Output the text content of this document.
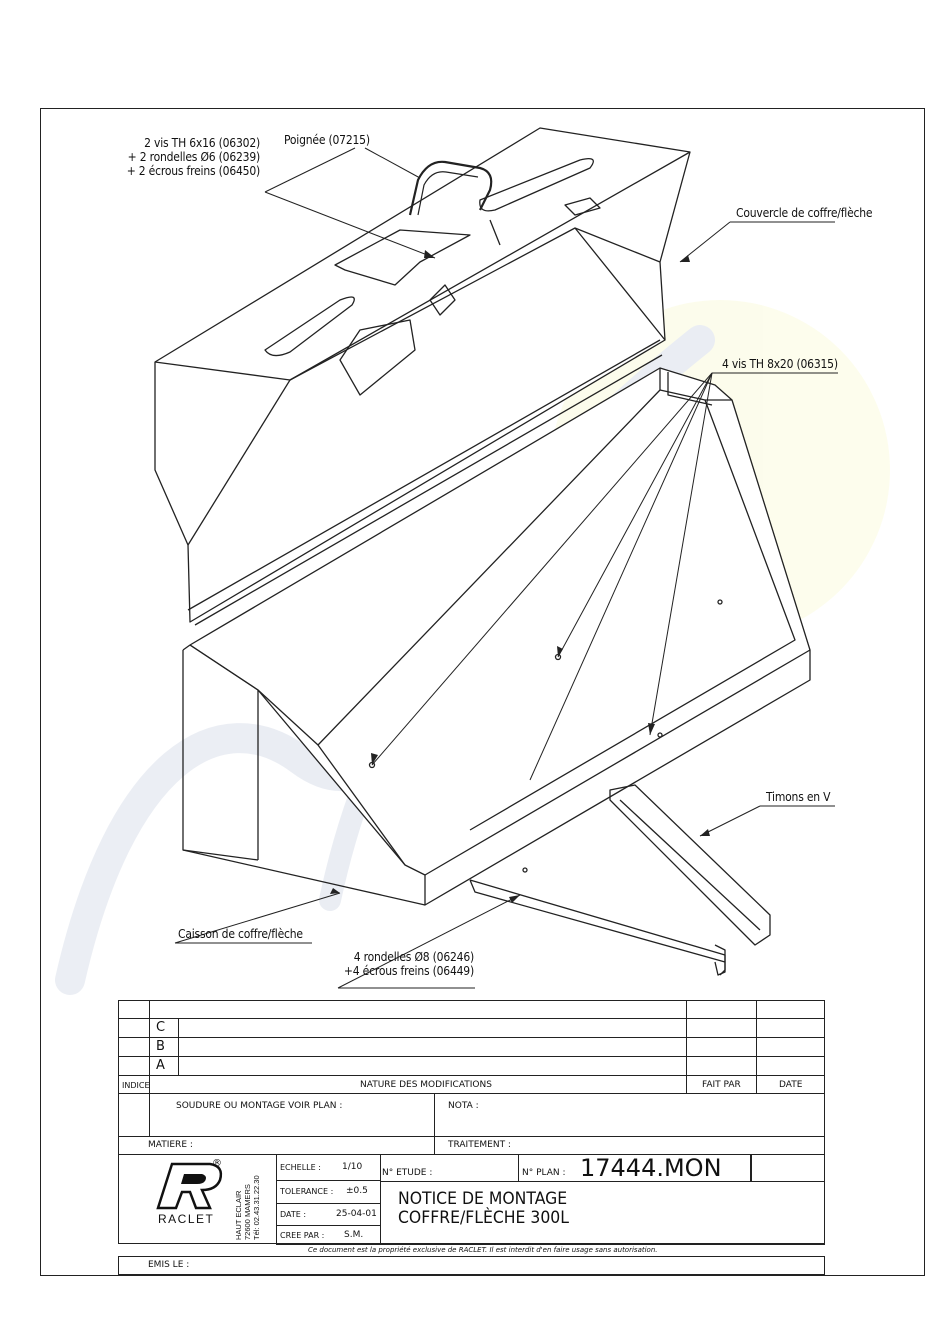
2 vis TH 6x16 (06302)
+ 2 rondelles Ø6 (06239)
+ 2 écrous freins (06450)
Poignée (07215)
Couvercle de coffre/flèche
4 vis TH 8x20 (06315)
Timons en V
Caisson de coffre/flèche
4 rondelles Ø8 (06246)
+4 écrous freins (06449)
C
B
A
INDICE	NATURE DES MODIFICATIONS	FAIT PAR	DATE
SOUDURE OU MONTAGE VOIR PLAN :	NOTA :
MATIERE :	TRAITEMENT :
RACLET
®
HAUT ECLAIR 72600 MAMERS Tél: 02.43.31.22.30
ECHELLE : 1/10
TOLERANCE : ±0.5
DATE :	25-04-01
CREE PAR : S.M.
N° ETUDE :	N° PLAN : 17444.MON
NOTICE DE MONTAGE
COFFRE/FLÈCHE 300L
Ce document est la propriété exclusive de RACLET. Il est interdit d'en faire usage sans autorisation.
EMIS LE :
